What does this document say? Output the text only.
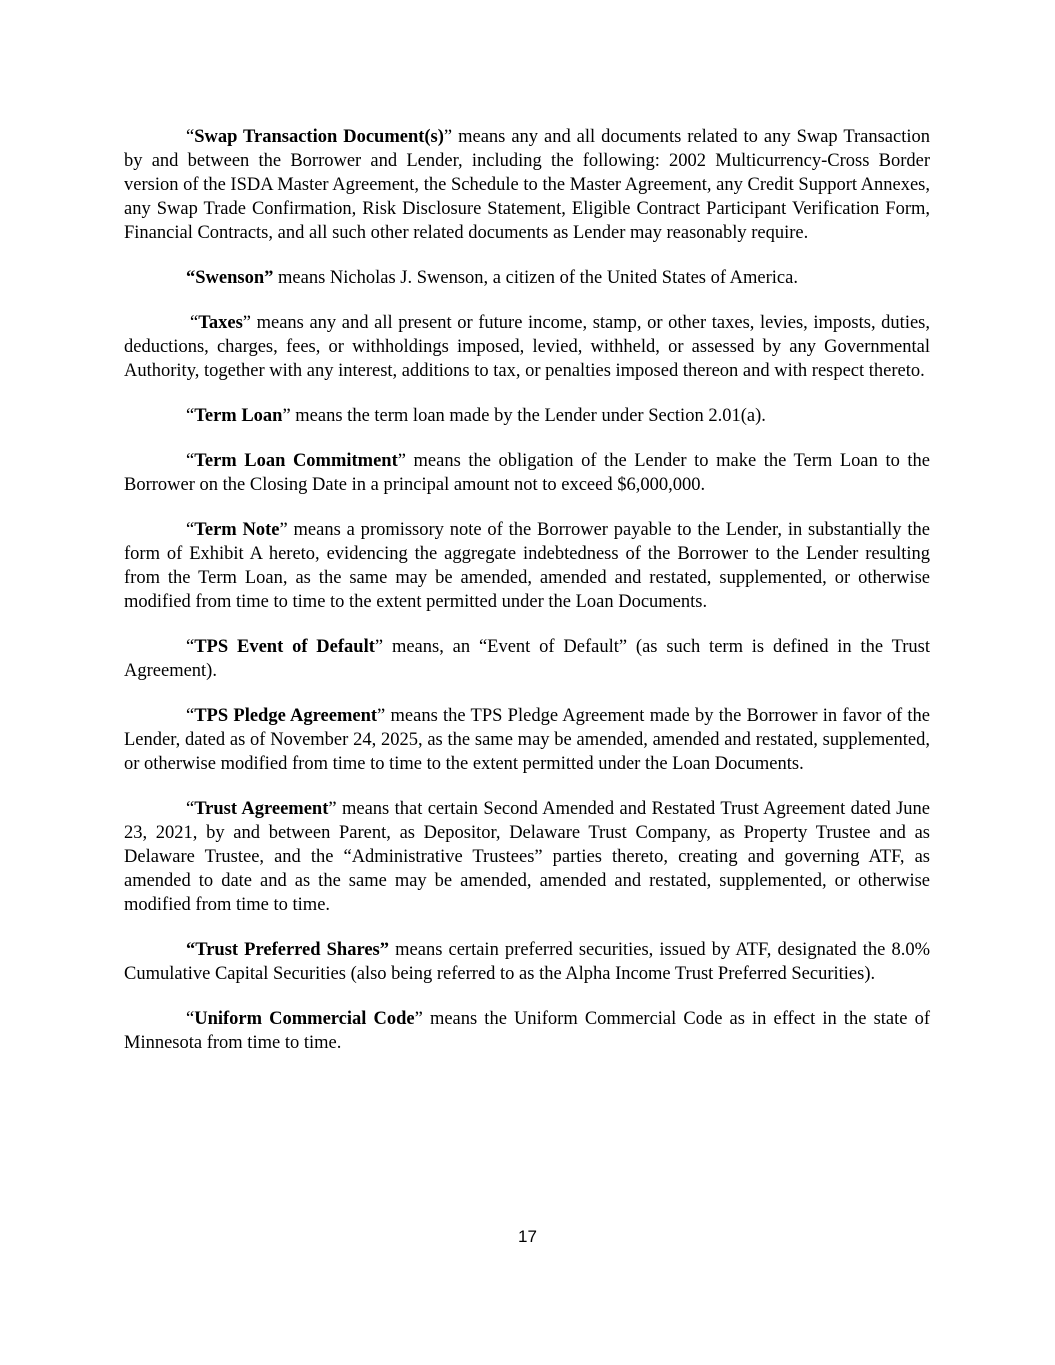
“Swap Transaction Document(s)” means any and all documents related to any Swap Transaction by and between the Borrower and Lender, including the following: 2002 Multicurrency-Cross Border version of the ISDA Master Agreement, the Schedule to the Master Agreement, any Credit Support Annexes, any Swap Trade Confirmation, Risk Disclosure Statement, Eligible Contract Participant Verification Form, Financial Contracts, and all such other related documents as Lender may reasonably require.

“Swenson” means Nicholas J. Swenson, a citizen of the United States of America.

“Taxes” means any and all present or future income, stamp, or other taxes, levies, imposts, duties, deductions, charges, fees, or withholdings imposed, levied, withheld, or assessed by any Governmental Authority, together with any interest, additions to tax, or penalties imposed thereon and with respect thereto.

“Term Loan” means the term loan made by the Lender under Section 2.01(a).

“Term Loan Commitment” means the obligation of the Lender to make the Term Loan to the Borrower on the Closing Date in a principal amount not to exceed $6,000,000.

“Term Note” means a promissory note of the Borrower payable to the Lender, in substantially the form of Exhibit A hereto, evidencing the aggregate indebtedness of the Borrower to the Lender resulting from the Term Loan, as the same may be amended, amended and restated, supplemented, or otherwise modified from time to time to the extent permitted under the Loan Documents.

“TPS Event of Default” means, an “Event of Default” (as such term is defined in the Trust Agreement).

“TPS Pledge Agreement” means the TPS Pledge Agreement made by the Borrower in favor of the Lender, dated as of November 24, 2025, as the same may be amended, amended and restated, supplemented, or otherwise modified from time to time to the extent permitted under the Loan Documents.

“Trust Agreement” means that certain Second Amended and Restated Trust Agreement dated June 23, 2021, by and between Parent, as Depositor, Delaware Trust Company, as Property Trustee and as Delaware Trustee, and the “Administrative Trustees” parties thereto, creating and governing ATF, as amended to date and as the same may be amended, amended and restated, supplemented, or otherwise modified from time to time.

“Trust Preferred Shares” means certain preferred securities, issued by ATF, designated the 8.0% Cumulative Capital Securities (also being referred to as the Alpha Income Trust Preferred Securities).

“Uniform Commercial Code” means the Uniform Commercial Code as in effect in the state of Minnesota from time to time.

17
